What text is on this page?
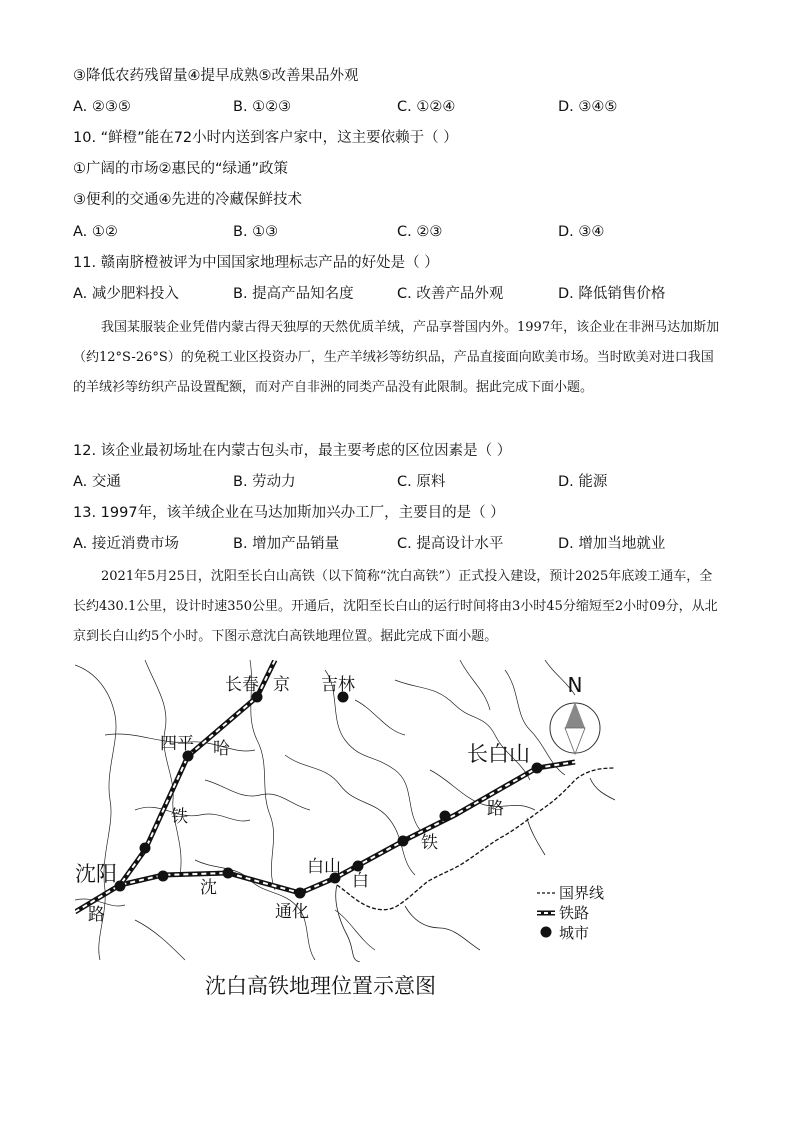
③降低农药残留量④提早成熟⑤改善果品外观
A. ②③⑤	B. ①②③	C. ①②④	D. ③④⑤
10. “鲜橙”能在72小时内送到客户家中，这主要依赖于（ ）
①广阔的市场②惠民的“绿通”政策
③便利的交通④先进的冷藏保鲜技术
A. ①②	B. ①③	C. ②③	D. ③④
11. 赣南脐橙被评为中国国家地理标志产品的好处是（ ）
A. 减少肥料投入	B. 提高产品知名度	C. 改善产品外观	D. 降低销售价格
我国某服装企业凭借内蒙古得天独厚的天然优质羊绒，产品享誉国内外。1997年，该企业在非洲马达加斯加（约12°S-26°S）的免税工业区投资办厂，生产羊绒衫等纺织品，产品直接面向欧美市场。当时欧美对进口我国的羊绒衫等纺织产品设置配额，而对产自非洲的同类产品没有此限制。据此完成下面小题。
12. 该企业最初场址在内蒙古包头市，最主要考虑的区位因素是（ ）
A. 交通	B. 劳动力	C. 原料	D. 能源
13. 1997年，该羊绒企业在马达加斯加兴办工厂，主要目的是（ ）
A. 接近消费市场	B. 增加产品销量	C. 提高设计水平	D. 增加当地就业
2021年5月25日，沈阳至长白山高铁（以下简称“沈白高铁”）正式投入建设，预计2025年底竣工通车，全长约430.1公里，设计时速350公里。开通后，沈阳至长白山的运行时间将由3小时45分缩短至2小时09分，从北京到长白山约5个小时。下图示意沈白高铁地理位置。据此完成下面小题。
N
长春 京 吉林
四平 哈
铁
沈阳
路
沈
通化
白山
白
铁
路
长白山
国界线
铁路
城市
沈白高铁地理位置示意图
